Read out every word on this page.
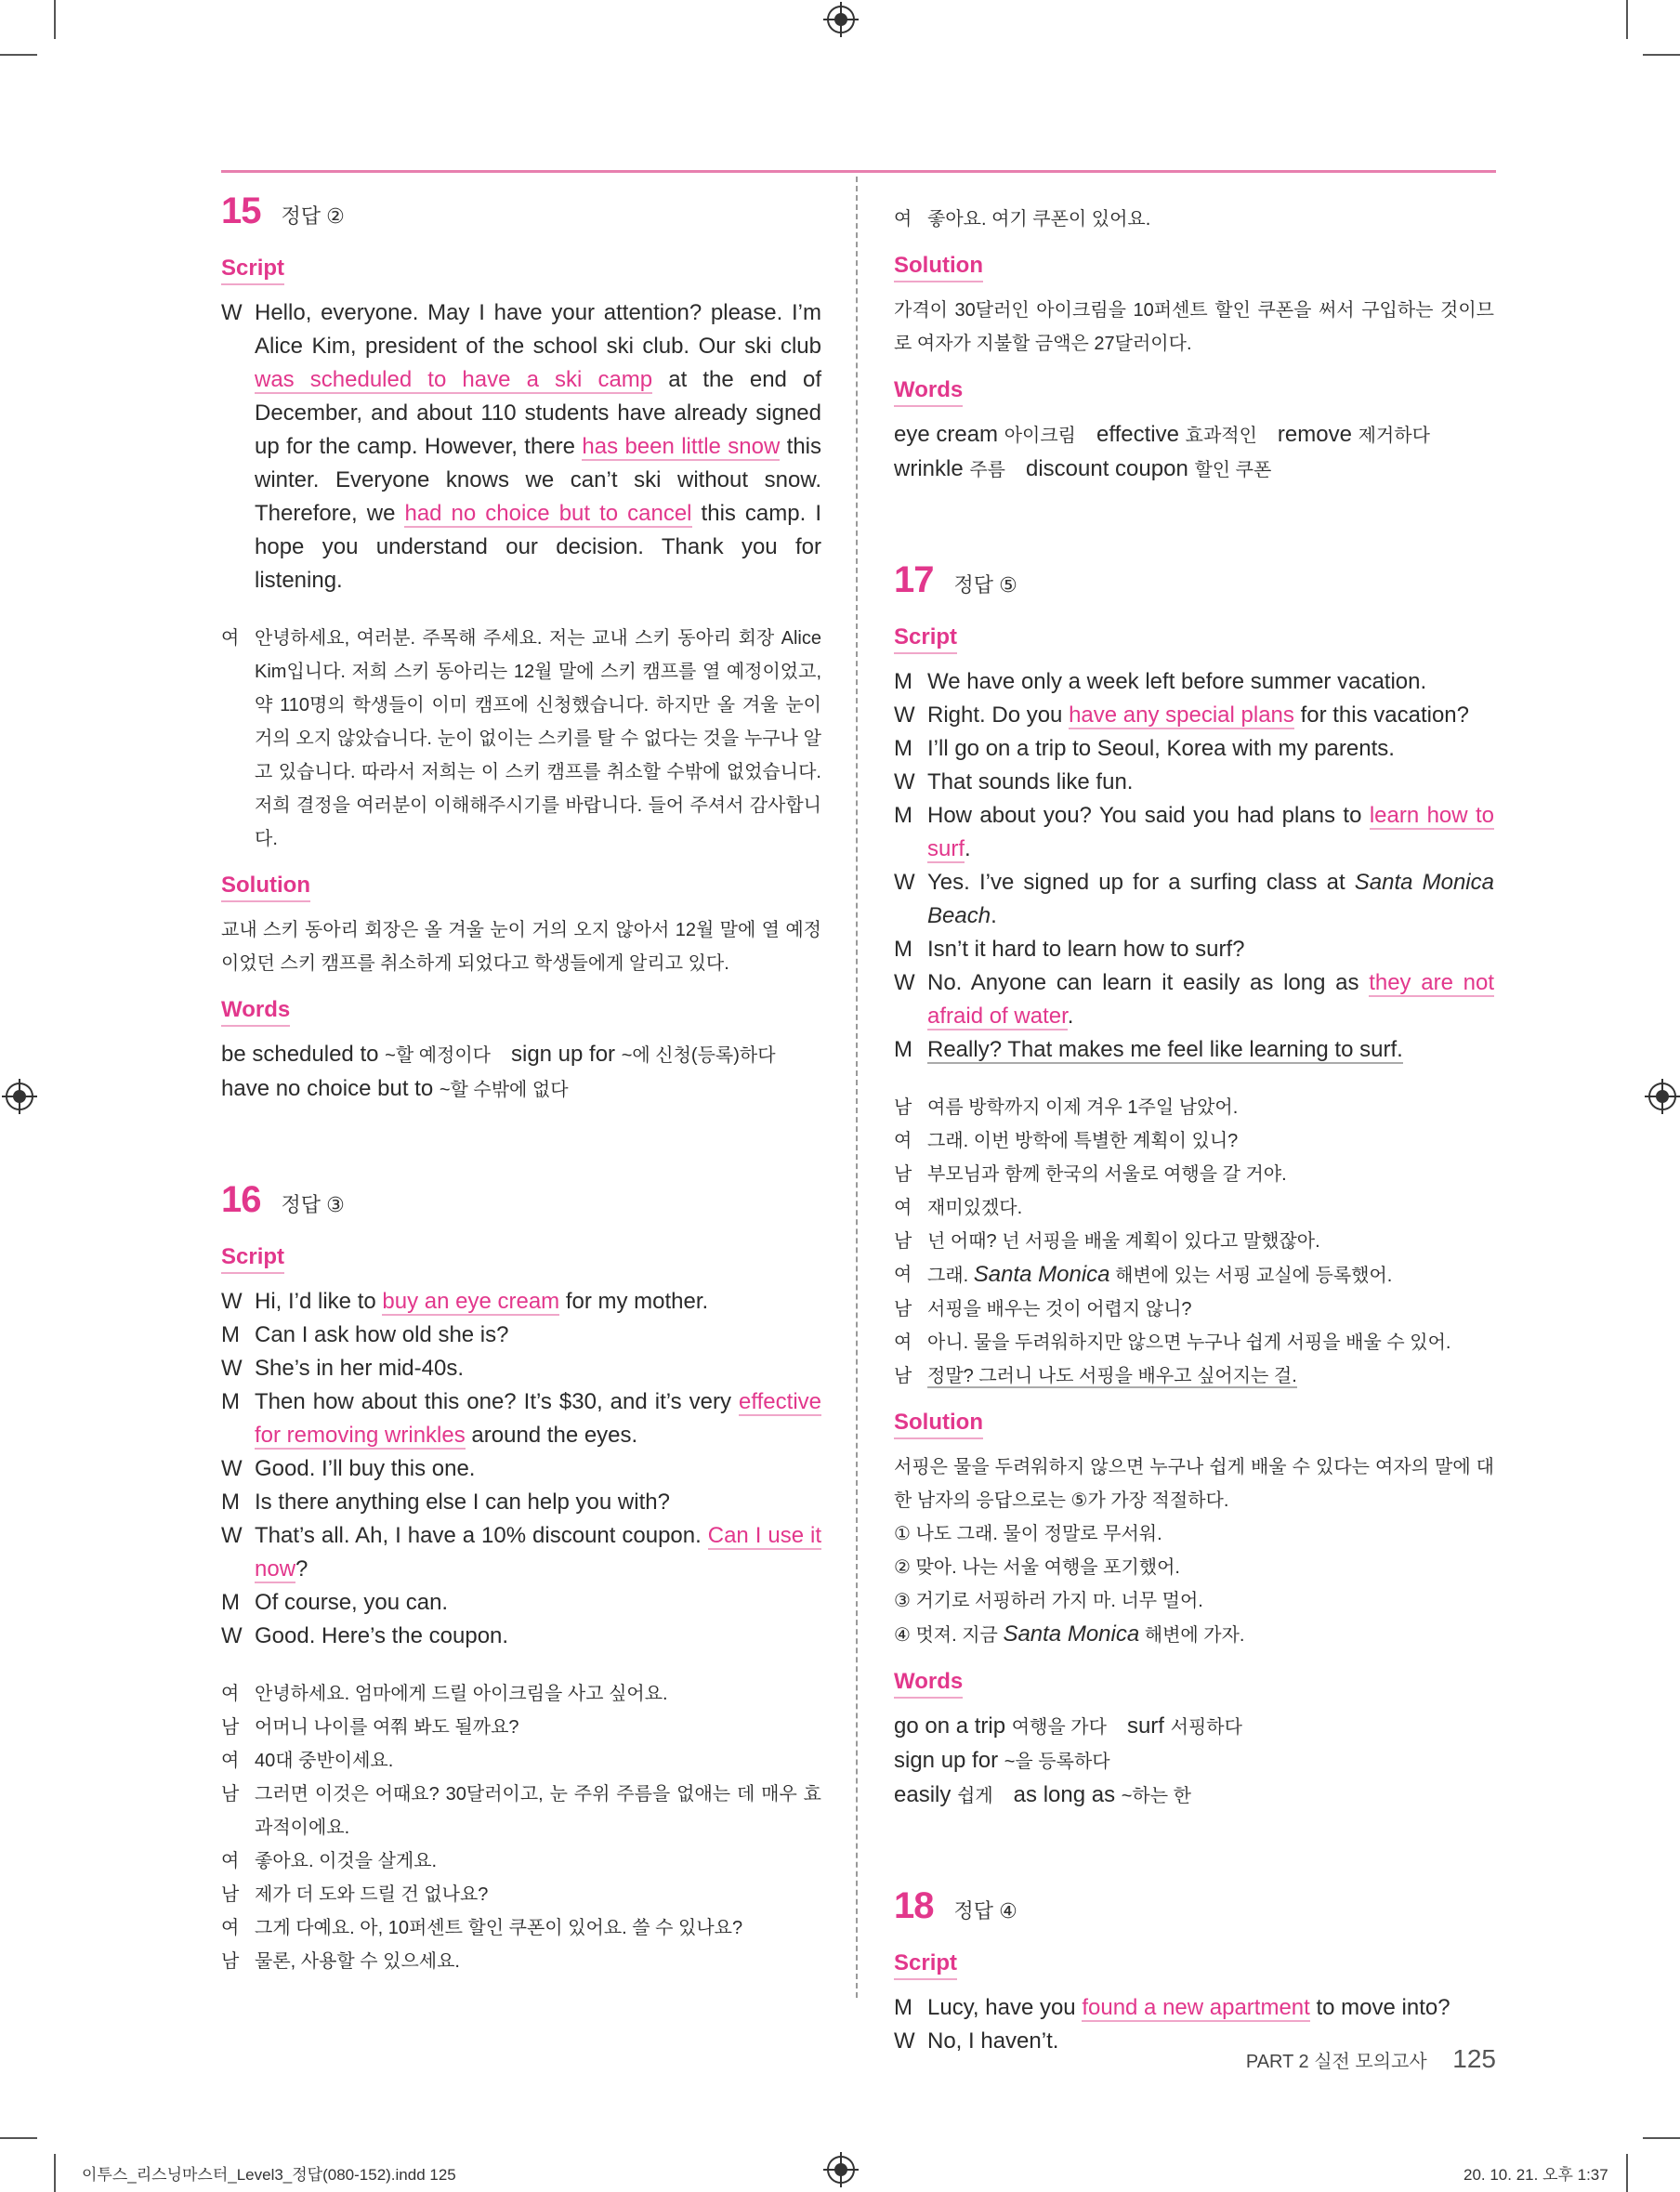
15 정답 ②
Script
W Hello, everyone. May I have your attention? please. I’m Alice Kim, president of the school ski club. Our ski club was scheduled to have a ski camp at the end of December, and about 110 students have already signed up for the camp. However, there has been little snow this winter. Everyone knows we can’t ski without snow. Therefore, we had no choice but to cancel this camp. I hope you understand our decision. Thank you for listening.
여 안녕하세요, 여러분. 주목해 주세요. 저는 교내 스키 동아리 회장 Alice Kim입니다. 저희 스키 동아리는 12월 말에 스키 캠프를 열 예정이었고, 약 110명의 학생들이 이미 캠프에 신청했습니다. 하지만 올 겨울 눈이 거의 오지 않았습니다. 눈이 없이는 스키를 탈 수 없다는 것을 누구나 알고 있습니다. 따라서 저희는 이 스키 캠프를 취소할 수밖에 없었습니다. 저희 결정을 여러분이 이해해주시기를 바랍니다. 들어 주셔서 감사합니다.
Solution
교내 스키 동아리 회장은 올 겨울 눈이 거의 오지 않아서 12월 말에 열 예정이었던 스키 캠프를 취소하게 되었다고 학생들에게 알리고 있다.
Words
be scheduled to ~할 예정이다 sign up for ~에 신청(등록)하다
have no choice but to ~할 수밖에 없다
16 정답 ③
Script
W Hi, I’d like to buy an eye cream for my mother.
M Can I ask how old she is?
W She’s in her mid-40s.
M Then how about this one? It’s $30, and it’s very effective for removing wrinkles around the eyes.
W Good. I’ll buy this one.
M Is there anything else I can help you with?
W That’s all. Ah, I have a 10% discount coupon. Can I use it now?
M Of course, you can.
W Good. Here’s the coupon.
여 안녕하세요. 엄마에게 드릴 아이크림을 사고 싶어요.
남 어머니 나이를 여쭤 봐도 될까요?
여 40대 중반이세요.
남 그러면 이것은 어때요? 30달러이고, 눈 주위 주름을 없애는 데 매우 효과적이에요.
여 좋아요. 이것을 살게요.
남 제가 더 도와 드릴 건 없나요?
여 그게 다예요. 아, 10퍼센트 할인 쿠폰이 있어요. 쓸 수 있나요?
남 물론, 사용할 수 있으세요.
여 좋아요. 여기 쿠폰이 있어요.
Solution
가격이 30달러인 아이크림을 10퍼센트 할인 쿠폰을 써서 구입하는 것이므로 여자가 지불할 금액은 27달러이다.
Words
eye cream 아이크림 effective 효과적인 remove 제거하다
wrinkle 주름 discount coupon 할인 쿠폰
17 정답 ⑤
Script
M We have only a week left before summer vacation.
W Right. Do you have any special plans for this vacation?
M I’ll go on a trip to Seoul, Korea with my parents.
W That sounds like fun.
M How about you? You said you had plans to learn how to surf.
W Yes. I’ve signed up for a surfing class at Santa Monica Beach.
M Isn’t it hard to learn how to surf?
W No. Anyone can learn it easily as long as they are not afraid of water.
M Really? That makes me feel like learning to surf.
남 여름 방학까지 이제 겨우 1주일 남았어.
여 그래. 이번 방학에 특별한 계획이 있니?
남 부모님과 함께 한국의 서울로 여행을 갈 거야.
여 재미있겠다.
남 넌 어때? 넌 서핑을 배울 계획이 있다고 말했잖아.
여 그래. Santa Monica 해변에 있는 서핑 교실에 등록했어.
남 서핑을 배우는 것이 어렵지 않니?
여 아니. 물을 두려워하지만 않으면 누구나 쉽게 서핑을 배울 수 있어.
남 정말? 그러니 나도 서핑을 배우고 싶어지는 걸.
Solution
서핑은 물을 두려워하지 않으면 누구나 쉽게 배울 수 있다는 여자의 말에 대한 남자의 응답으로는 ⑤가 가장 적절하다.
① 나도 그래. 물이 정말로 무서워.
② 맞아. 나는 서울 여행을 포기했어.
③ 거기로 서핑하러 가지 마. 너무 멀어.
④ 멋져. 지금 Santa Monica 해변에 가자.
Words
go on a trip 여행을 가다 surf 서핑하다sign up for ~을 등록하다
easily 쉽게 as long as ~하는 한
18 정답 ④
Script
M Lucy, have you found a new apartment to move into?
W No, I haven’t.
PART 2 실전 모의고사 125
이투스_리스닝마스터_Level3_정답(080-152).indd 125	20. 10. 21. 오후 1:37
